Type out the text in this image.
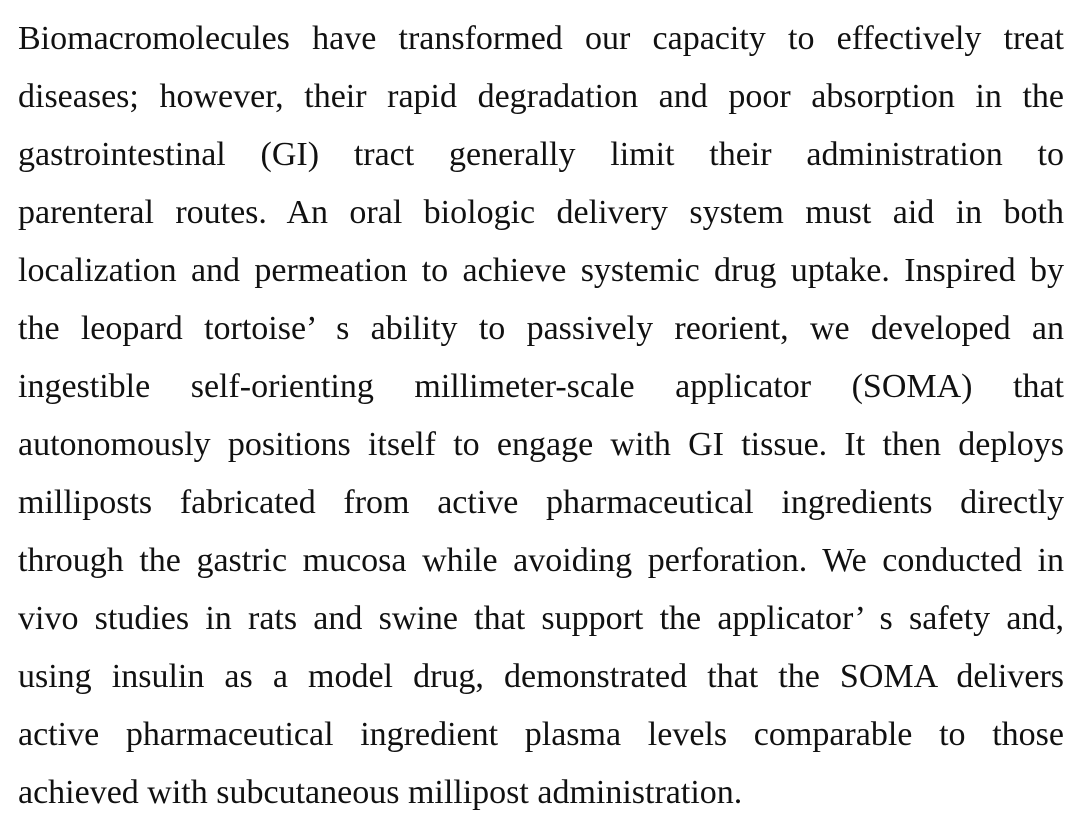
Biomacromolecules have transformed our capacity to effectively treat
diseases; however, their rapid degradation and poor absorption in the
gastrointestinal (GI) tract generally limit their administration to
parenteral routes. An oral biologic delivery system must aid in both
localization and permeation to achieve systemic drug uptake. Inspired by
the leopard tortoise’ s ability to passively reorient, we developed an
ingestible self-orienting millimeter-scale applicator (SOMA) that
autonomously positions itself to engage with GI tissue. It then deploys
milliposts fabricated from active pharmaceutical ingredients directly
through the gastric mucosa while avoiding perforation. We conducted in
vivo studies in rats and swine that support the applicator’ s safety and,
using insulin as a model drug, demonstrated that the SOMA delivers
active pharmaceutical ingredient plasma levels comparable to those
achieved with subcutaneous millipost administration.
